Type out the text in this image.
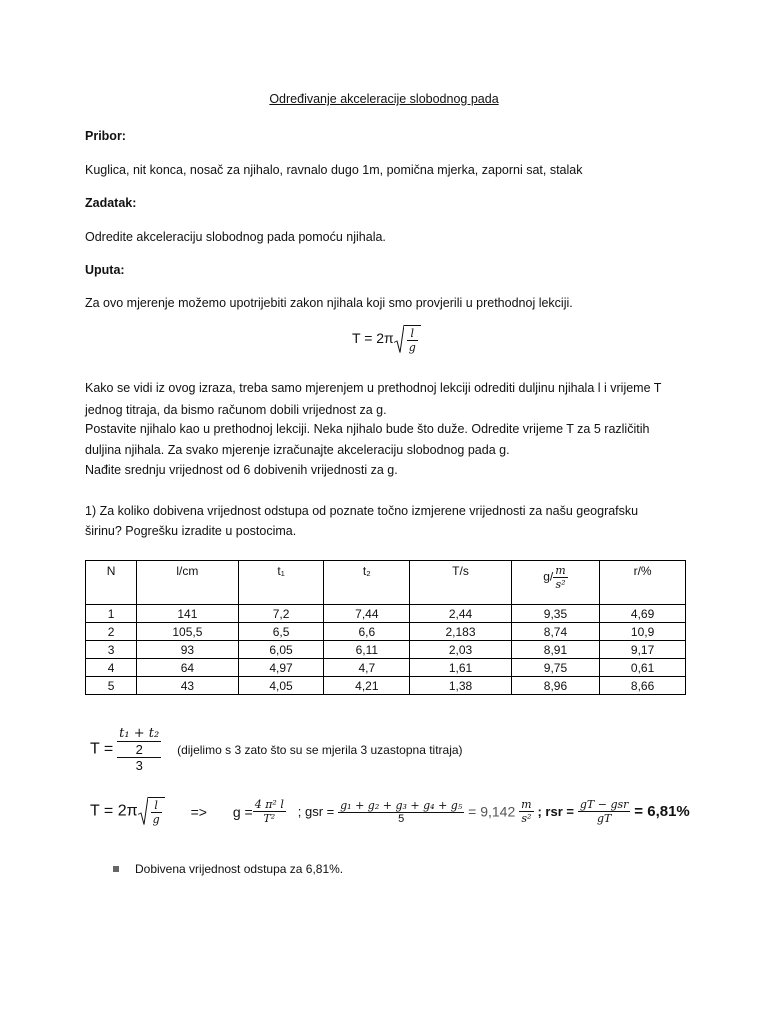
Određivanje akceleracije slobodnog pada
Pribor:
Kuglica, nit konca, nosač za njihalo, ravnalo dugo 1m, pomična mjerka, zaporni sat, stalak
Zadatak:
Odredite akceleraciju slobodnog pada pomoću njihala.
Uputa:
Za ovo mjerenje možemo upotrijebiti zakon njihala koji smo provjerili u prethodnoj lekciji.
$T = 2\pi \frac{l}{g}$
Kako se vidi iz ovog izraza, treba samo mjerenjem u prethodnoj lekciji odrediti duljinu njihala l i vrijeme T
jednog titraja, da bismo računom dobili vrijednost za g.
Postavite njihalo kao u prethodnoj lekciji. Neka njihalo bude što duže. Odredite vrijeme T za 5 različitih
duljina njihala. Za svako mjerenje izračunajte akceleraciju slobodnog pada g.
Nađite srednju vrijednost od 6 dobivenih vrijednosti za g.
1) Za koliko dobivena vrijednost odstupa od poznate točno izmjerene vrijednosti za našu geografsku
širinu? Pogrešku izradite u postocima.
N	l/cm	t₁	t₂	T/s	$g/ \frac{m}{\text{s²}}$	r/%
1	141	7,2	7,44	2,44	9,35	4,69
2	105,5	6,5	6,6	2,183	8,74	10,9
3	93	6,05	6,11	2,03	8,91	9,17
4	64	4,97	4,7	1,61	9,75	0,61
5	43	4,05	4,21	1,38	8,96	8,66
$T = \frac{\frac{\text{t₁ + t₂}}{2}}{3}$ (dijelimo s 3 zato što su se mjerila 3 uzastopna titraja)
$T = 2\pi \frac{l}{g} => g = \frac{\text{4 π² l}}{\text{T²}}$ ; gsr = $\frac{\text{g₁ + g₂ + g₃ + g₄ + g₅}}{5} = 9,142 \frac{m}{\text{s²}}$ ; rsr = $\frac{\text{gT − gsr}}{gT} = 6,81\%$
Dobivena vrijednost odstupa za 6,81%.
